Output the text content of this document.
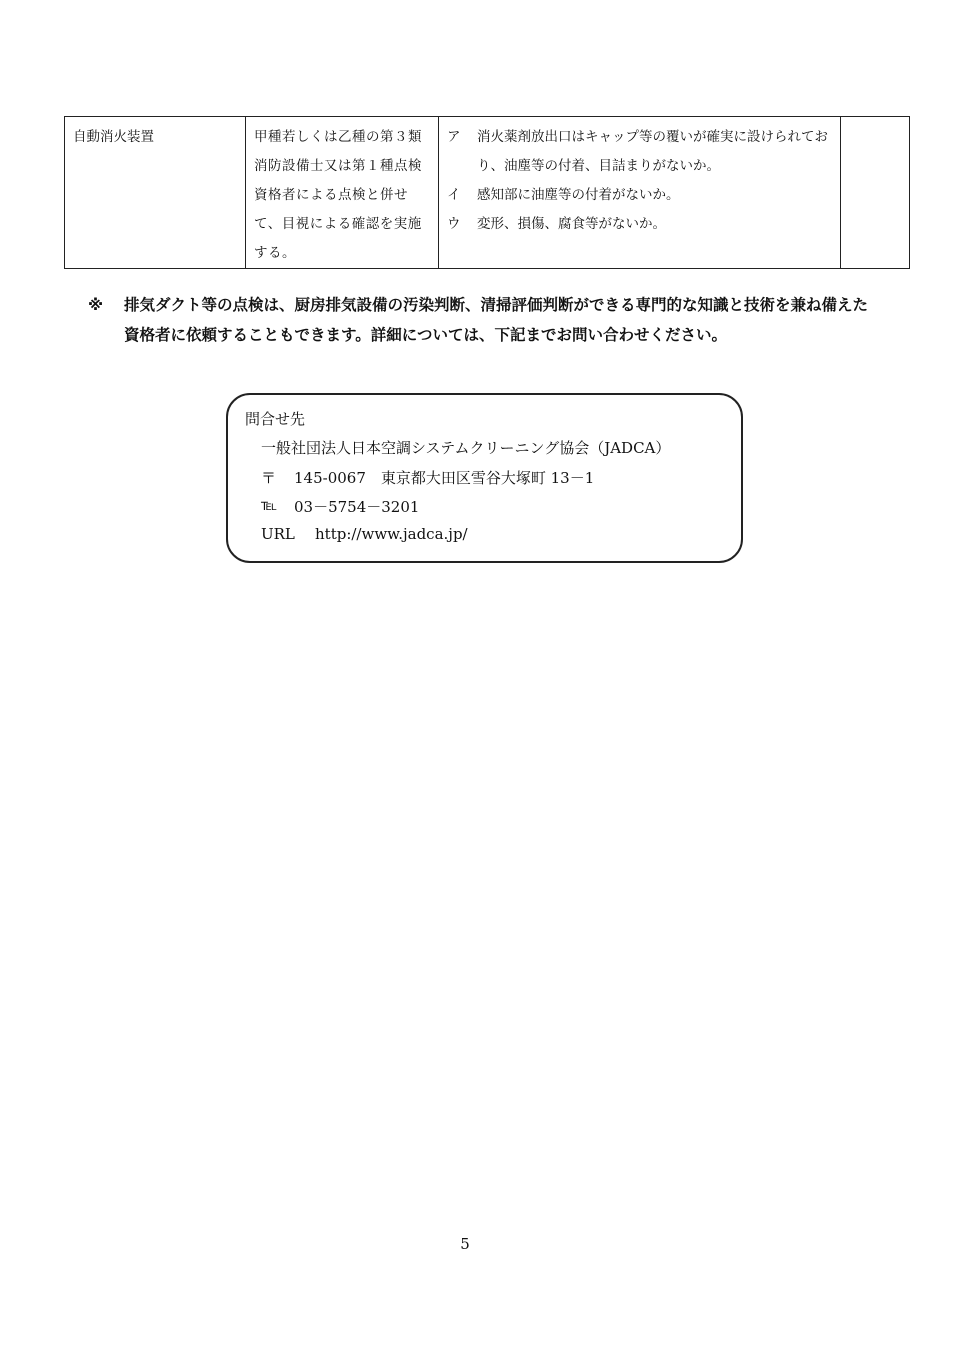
自動消火装置	甲種若しくは乙種の第３類消防設備士又は第１種点検資格者による点検と併せて、目視による確認を実施する。

ア	消火薬剤放出口はキャップ等の覆いが確実に設けられており、油塵等の付着、目詰まりがないか。
イ	感知部に油塵等の付着がないか。
ウ	変形、損傷、腐食等がないか。

※	排気ダクト等の点検は、厨房排気設備の汚染判断、清掃評価判断ができる専門的な知識と技術を兼ね備えた資格者に依頼することもできます。詳細については、下記までお問い合わせください。
問合せ先
一般社団法人日本空調システムクリーニング協会（JADCA）
〒 145-0067　東京都大田区雪谷大塚町 13－1
℡ 03－5754－3201
URL http://www.jadca.jp/
5
